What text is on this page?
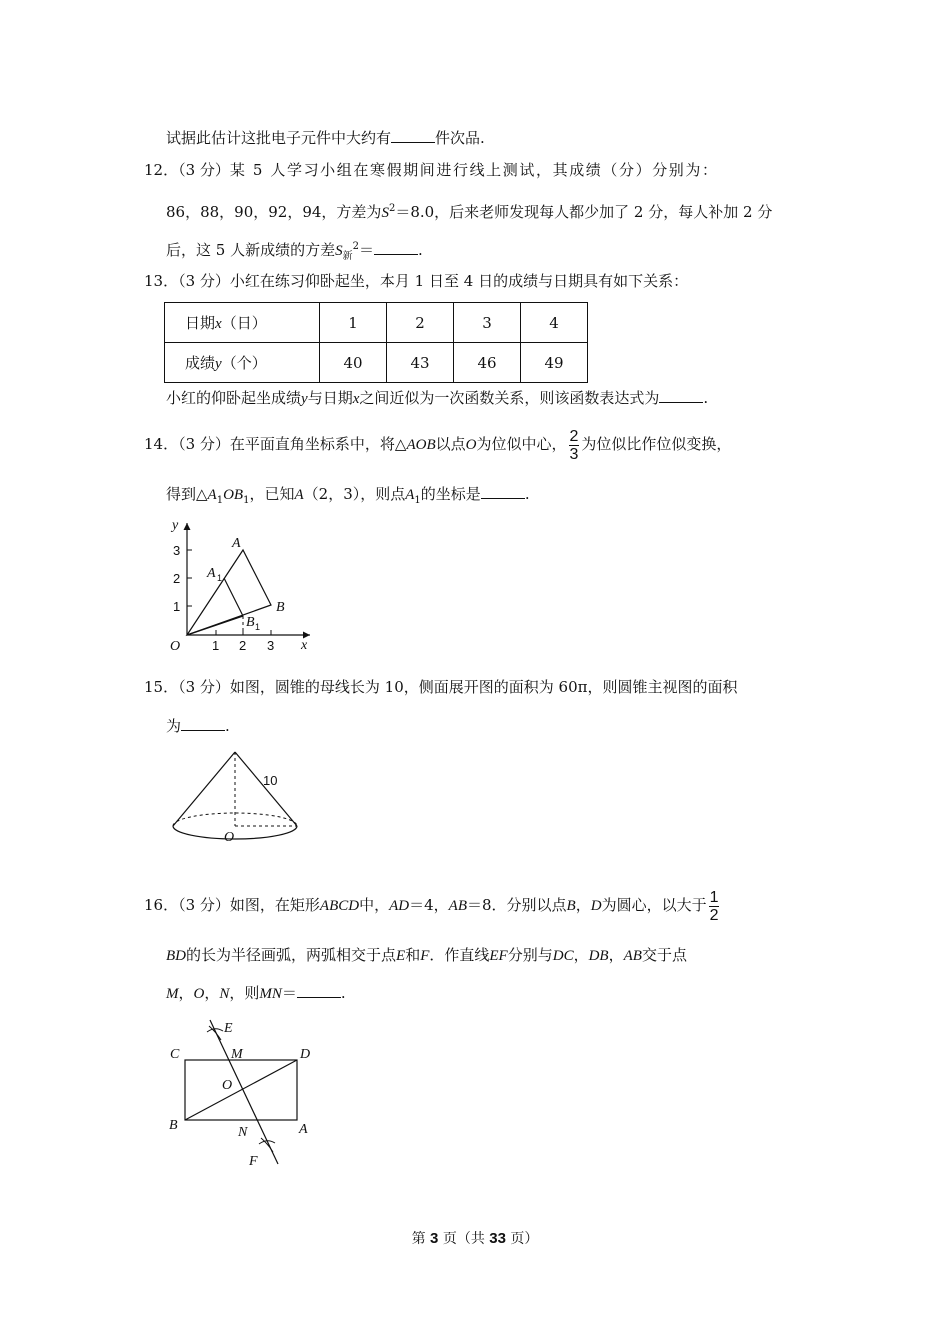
试据此估计这批电子元件中大约有	件次品.
12．（3 分）某 5 人学习小组在寒假期间进行线上测试，其成绩（分）分别为：
86，88，90，92，94，方差为$S^2=8.0$，后来老师发现每人都少加了 2 分，每人补加 2 分
后，这 5 人新成绩的方差$S_新^2=$	.
13．（3 分）小红在练习仰卧起坐，本月 1 日至 4 日的成绩与日期具有如下关系：
日期x（日）	1	2	3	4
成绩y（个）	40	43	46	49
小红的仰卧起坐成绩y与日期x之间近似为一次函数关系，则该函数表达式为	.
14．（3 分）在平面直角坐标系中，将△AOB以点O为位似中心， $\frac{2}{3}$ 为位似比作位似变换，
得到$\triangle A_1OB_1$，已知A（2，3），则点$A_1$的坐标是	.
y
x
O
3
2
1
1 2 3
A
A 1
B
B 1
15．（3 分）如图，圆锥的母线长为 10，侧面展开图的面积为 60π，则圆锥主视图的面积
为	.
10
O
16．（3 分）如图，在矩形ABCD中，AD＝4，AB＝8．分别以点B，D为圆心，以大于 $\frac{1}{2}$
BD的长为半径画弧，两弧相交于点E和F．作直线EF分别与DC，DB，AB交于点
M，O，N，则MN＝	.
E
C	M	D
O
B	N	A
F
第 3 页（共 33 页）
